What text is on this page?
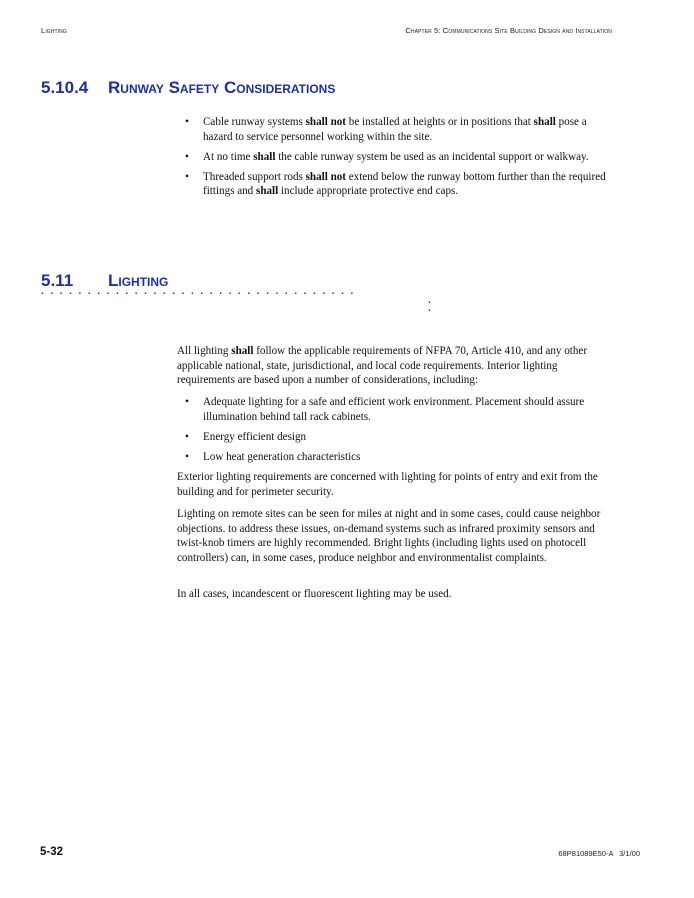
Lighting	Chapter 5: Communications Site Building Design and Installation
5.10.4 Runway Safety Considerations
• Cable runway systems shall not be installed at heights or in positions that shall pose a hazard to service personnel working within the site.
• At no time shall the cable runway system be used as an incidental support or walkway.
• Threaded support rods shall not extend below the runway bottom further than the required fittings and shall include appropriate protective end caps.
5.11 Lighting
..................................
.
.

All lighting shall follow the applicable requirements of NFPA 70, Article 410, and any other applicable national, state, jurisdictional, and local code requirements. Interior lighting requirements are based upon a number of considerations, including:

• Adequate lighting for a safe and efficient work environment. Placement should assure illumination behind tall rack cabinets.
• Energy efficient design
• Low heat generation characteristics

Exterior lighting requirements are concerned with lighting for points of entry and exit from the building and for perimeter security.

Lighting on remote sites can be seen for miles at night and in some cases, could cause neighbor objections. to address these issues, on-demand systems such as infrared proximity sensors and twist-knob timers are highly recommended. Bright lights (including lights used on photocell controllers) can, in some cases, produce neighbor and environmentalist complaints.

In all cases, incandescent or fluorescent lighting may be used.

5-32	68P81089E50-A 3/1/00
